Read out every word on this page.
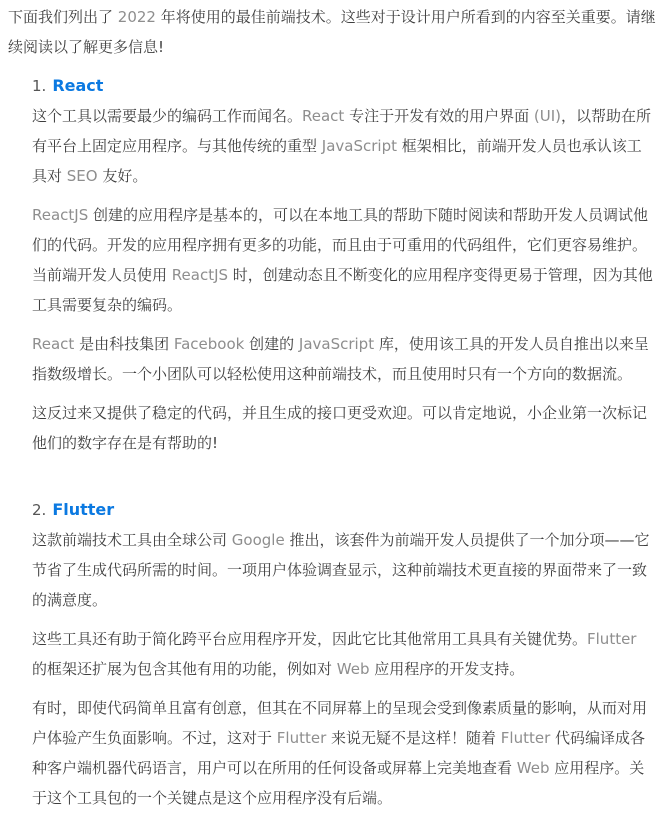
下面我们列出了 2022 年将使用的最佳前端技术。这些对于设计用户所看到的内容至关重要。请继续阅读以了解更多信息!

1. React

这个工具以需要最少的编码工作而闻名。React 专注于开发有效的用户界面 (UI)，以帮助在所有平台上固定应用程序。与其他传统的重型 JavaScript 框架相比，前端开发人员也承认该工具对 SEO 友好。

ReactJS 创建的应用程序是基本的，可以在本地工具的帮助下随时阅读和帮助开发人员调试他们的代码。开发的应用程序拥有更多的功能，而且由于可重用的代码组件，它们更容易维护。当前端开发人员使用 ReactJS 时，创建动态且不断变化的应用程序变得更易于管理，因为其他工具需要复杂的编码。

React 是由科技集团 Facebook 创建的 JavaScript 库，使用该工具的开发人员自推出以来呈指数级增长。一个小团队可以轻松使用这种前端技术，而且使用时只有一个方向的数据流。

这反过来又提供了稳定的代码，并且生成的接口更受欢迎。可以肯定地说，小企业第一次标记他们的数字存在是有帮助的!

2. Flutter

这款前端技术工具由全球公司 Google 推出，该套件为前端开发人员提供了一个加分项——它节省了生成代码所需的时间。一项用户体验调查显示，这种前端技术更直接的界面带来了一致的满意度。

这些工具还有助于简化跨平台应用程序开发，因此它比其他常用工具具有关键优势。Flutter 的框架还扩展为包含其他有用的功能，例如对 Web 应用程序的开发支持。

有时，即使代码简单且富有创意，但其在不同屏幕上的呈现会受到像素质量的影响，从而对用户体验产生负面影响。不过，这对于 Flutter 来说无疑不是这样！随着 Flutter 代码编译成各种客户端机器代码语言，用户可以在所用的任何设备或屏幕上完美地查看 Web 应用程序。关于这个工具包的一个关键点是这个应用程序没有后端。
